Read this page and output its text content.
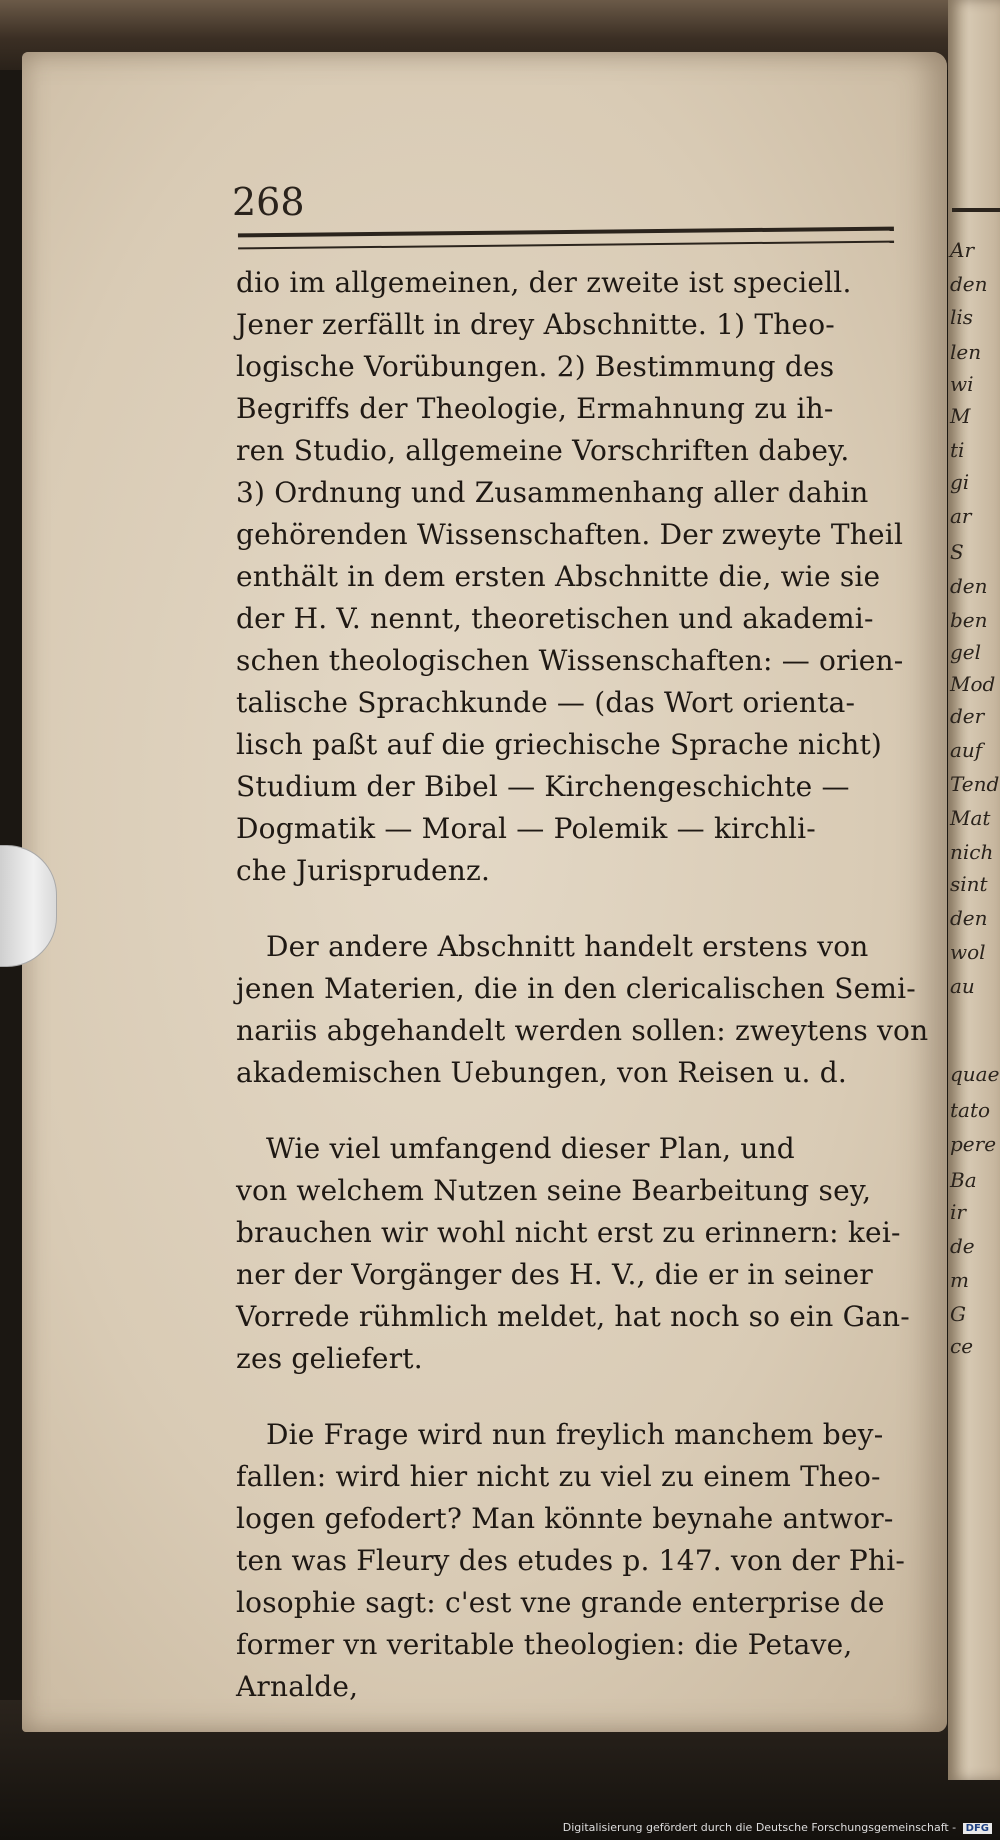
Ar
den
lis
len
wi
M
ti
gi
ar
S
den
ben
gel
Mod
der
auf
Tend
Mat
nich
sint
den
wol
au
quae
tato
pere
Ba
ir
de
m
G
ce
268
dio im allgemeinen, der zweite ist speciell.
Jener zerfällt in drey Abschnitte. 1) Theo-
logische Vorübungen. 2) Bestimmung des
Begriffs der Theologie, Ermahnung zu ih-
ren Studio, allgemeine Vorschriften dabey.
3) Ordnung und Zusammenhang aller dahin
gehörenden Wissenschaften. Der zweyte Theil
enthält in dem ersten Abschnitte die, wie sie
der H. V. nennt, theoretischen und akademi-
schen theologischen Wissenschaften: — orien-
talische Sprachkunde — (das Wort orienta-
lisch paßt auf die griechische Sprache nicht)
Studium der Bibel — Kirchengeschichte —
Dogmatik — Moral — Polemik — kirchli-
che Jurisprudenz.
Der andere Abschnitt handelt erstens von
jenen Materien, die in den clericalischen Semi-
nariis abgehandelt werden sollen: zweytens von
akademischen Uebungen, von Reisen u. d.
Wie viel umfangend dieser Plan, und
von welchem Nutzen seine Bearbeitung sey,
brauchen wir wohl nicht erst zu erinnern: kei-
ner der Vorgänger des H. V., die er in seiner
Vorrede rühmlich meldet, hat noch so ein Gan-
zes geliefert.
Die Frage wird nun freylich manchem bey-
fallen: wird hier nicht zu viel zu einem Theo-
logen gefodert? Man könnte beynahe antwor-
ten was Fleury des etudes p. 147. von der Phi-
losophie sagt: c'est vne grande enterprise de
former vn veritable theologien: die Petave,
Arnalde,
Digitalisierung gefördert durch die Deutsche Forschungsgemeinschaft - DFG
